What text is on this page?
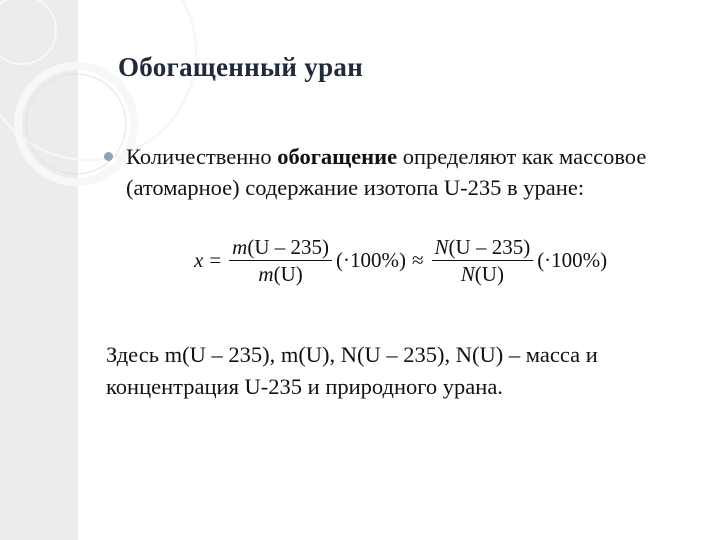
Обогащенный уран
Количественно обогащение определяют как массовое (атомарное) содержание изотопа U-235 в уране:
$x = \frac{m(U - 235)}{m(U)} (\cdot 100\%) \approx \frac{N(U - 235)}{N(U)} (\cdot 100\%)$
Здесь m(U – 235), m(U), N(U – 235), N(U) – масса и концентрация U-235 и природного урана.
